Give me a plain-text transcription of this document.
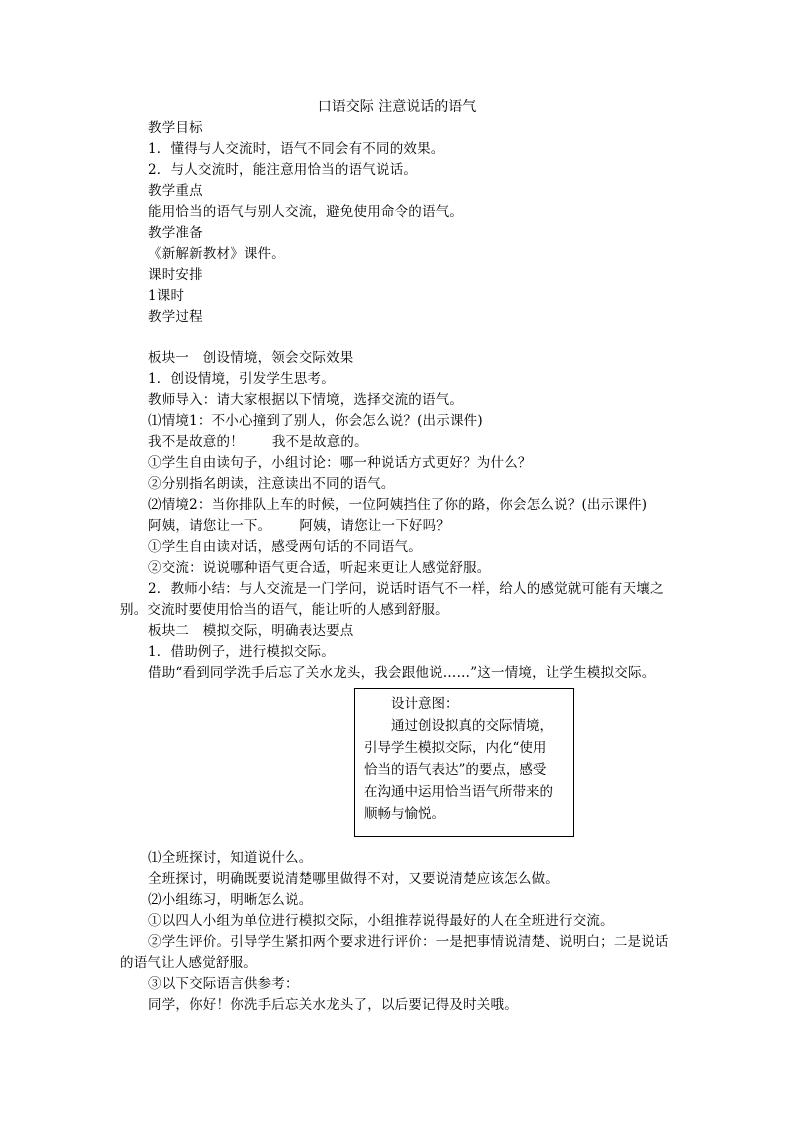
口语交际 注意说话的语气
教学目标
1．懂得与人交流时，语气不同会有不同的效果。
2．与人交流时，能注意用恰当的语气说话。
教学重点
能用恰当的语气与别人交流，避免使用命令的语气。
教学准备
《新解新教材》课件。
课时安排
1课时
教学过程
板块一　创设情境，领会交际效果
1．创设情境，引发学生思考。
教师导入：请大家根据以下情境，选择交流的语气。
⑴情境1：不小心撞到了别人，你会怎么说？(出示课件)
我不是故意的！ 我不是故意的。
①学生自由读句子，小组讨论：哪一种说话方式更好？为什么？
②分别指名朗读，注意读出不同的语气。
⑵情境2：当你排队上车的时候，一位阿姨挡住了你的路，你会怎么说？(出示课件)
阿姨，请您让一下。 阿姨，请您让一下好吗？
①学生自由读对话，感受两句话的不同语气。
②交流：说说哪种语气更合适，听起来更让人感觉舒服。
2．教师小结：与人交流是一门学问，说话时语气不一样，给人的感觉就可能有天壤之
别。交流时要使用恰当的语气，能让听的人感到舒服。
板块二　模拟交际，明确表达要点
1．借助例子，进行模拟交际。
借助“看到同学洗手后忘了关水龙头，我会跟他说……”这一情境，让学生模拟交际。
设计意图：
通过创设拟真的交际情境，
引导学生模拟交际，内化“使用
恰当的语气表达”的要点，感受
在沟通中运用恰当语气所带来的
顺畅与愉悦。
⑴全班探讨，知道说什么。
全班探讨，明确既要说清楚哪里做得不对，又要说清楚应该怎么做。
⑵小组练习，明晰怎么说。
①以四人小组为单位进行模拟交际，小组推荐说得最好的人在全班进行交流。
②学生评价。引导学生紧扣两个要求进行评价：一是把事情说清楚、说明白；二是说话
的语气让人感觉舒服。
③以下交际语言供参考：
同学，你好！你洗手后忘关水龙头了，以后要记得及时关哦。
